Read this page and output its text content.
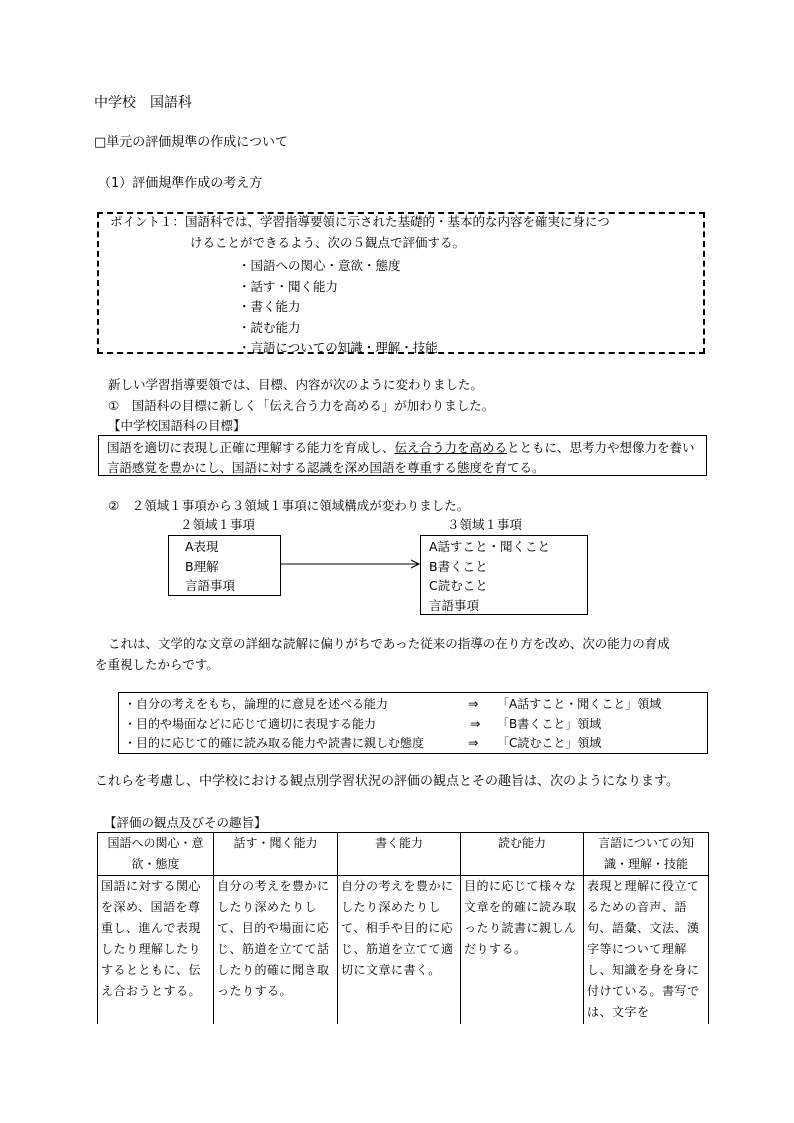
中学校　国語科
□単元の評価規準の作成について
（1）評価規準作成の考え方
ポイント１：国語科では、学習指導要領に示された基礎的・基本的な内容を確実に身につ
けることができるよう、次の５観点で評価する。
・国語への関心・意欲・態度
・話す・聞く能力
・書く能力
・読む能力
・言語についての知識・理解・技能
新しい学習指導要領では、目標、内容が次のように変わりました。
①　国語科の目標に新しく「伝え合う力を高める」が加わりました。
【中学校国語科の目標】
国語を適切に表現し正確に理解する能力を育成し、伝え合う力を高めるとともに、思考力や想像力を養い言語感覚を豊かにし、国語に対する認識を深め国語を尊重する態度を育てる。
②　２領域１事項から３領域１事項に領域構成が変わりました。
２領域１事項	３領域１事項
A表現
B理解
言語事項
A話すこと・聞くこと
B書くこと
C読むこと
言語事項
これは、文学的な文章の詳細な読解に偏りがちであった従来の指導の在り方を改め、次の能力の育成
を重視したからです。
・自分の考えをもち，論理的に意見を述べる能力	⇒ 「A話すこと・聞くこと」領域
・目的や場面などに応じて適切に表現する能力	⇒ 「B書くこと」領域
・目的に応じて的確に読み取る能力や読書に親しむ態度	⇒ 「C読むこと」領域
これらを考慮し、中学校における観点別学習状況の評価の観点とその趣旨は、次のようになります。
【評価の観点及びその趣旨】
国語への関心・意欲・態度	話す・聞く能力	書く能力	読む能力	言語についての知識・理解・技能
国語に対する関心を深め、国語を尊重し、進んで表現したり理解したりするとともに、伝え合おうとする。	自分の考えを豊かにしたり深めたりして、目的や場面に応じ、筋道を立てて話したり的確に聞き取ったりする。	自分の考えを豊かにしたり深めたりして、相手や目的に応じ、筋道を立てて適切に文章に書く。	目的に応じて様々な文章を的確に読み取ったり読書に親しんだりする。	表現と理解に役立てるための音声、語句、語彙、文法、漢字等について理解し、知識を身を身に付けている。書写では、文字を
